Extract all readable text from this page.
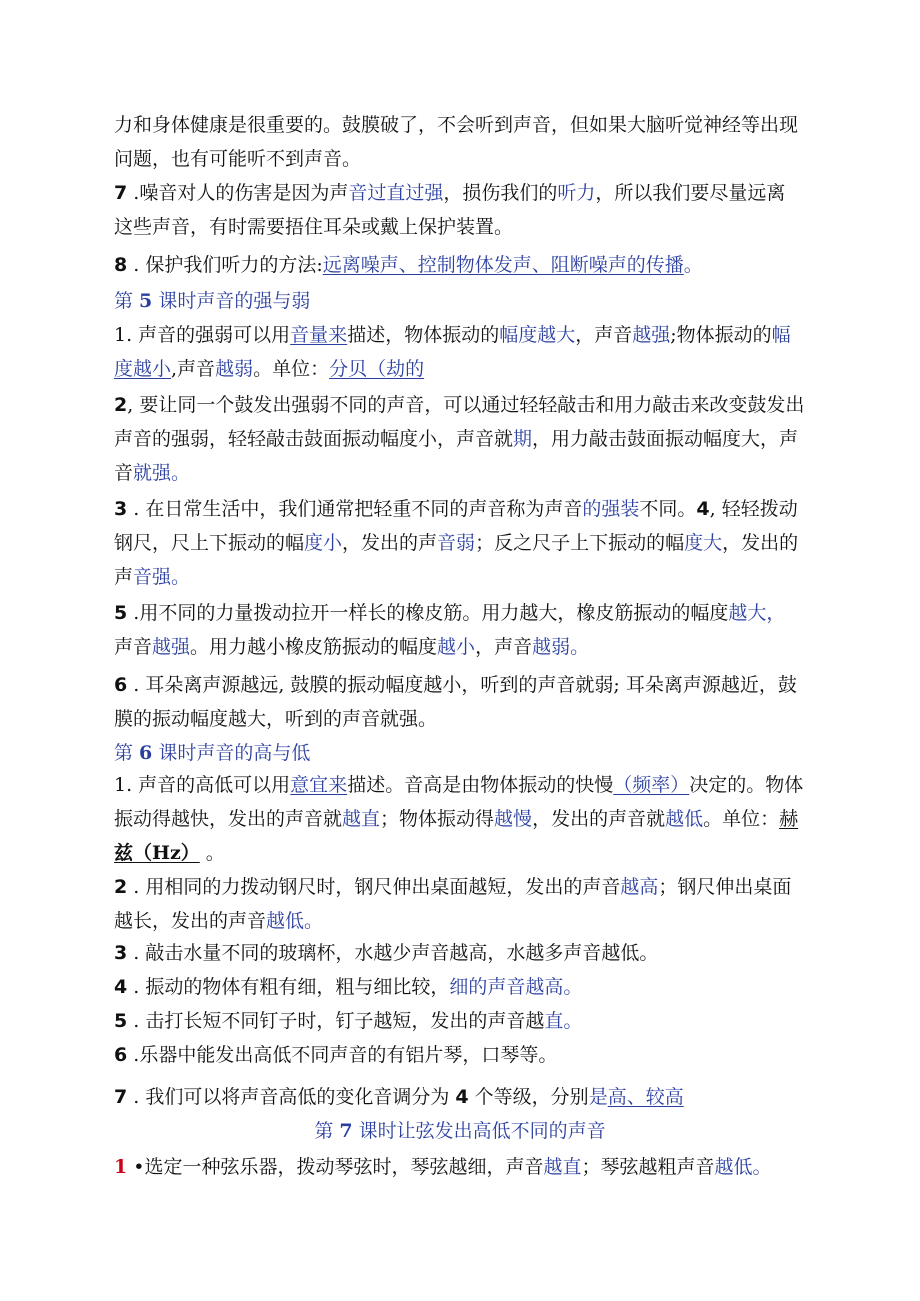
力和身体健康是很重要的。鼓膜破了，不会听到声音，但如果大脑听觉神经等出现
问题，也有可能听不到声音。

7 .噪音对人的伤害是因为声音过直过强，损伤我们的听力，所以我们要尽量远离
这些声音，有时需要捂住耳朵或戴上保护装置。

8 . 保护我们听力的方法:远离噪声、控制物体发声、阻断噪声的传播。

第 5 课时声音的强与弱

1. 声音的强弱可以用音量来描述，物体振动的幅度越大，声音越强;物体振动的幅
度越小,声音越弱。单位：分贝（劫的

2, 要让同一个鼓发出强弱不同的声音，可以通过轻轻敲击和用力敲击来改变鼓发出
声音的强弱，轻轻敲击鼓面振动幅度小，声音就期，用力敲击鼓面振动幅度大，声
音就强。

3 . 在日常生活中，我们通常把轻重不同的声音称为声音的强装不同。4, 轻轻拨动
钢尺，尺上下振动的幅度小，发出的声音弱；反之尺子上下振动的幅度大，发出的
声音强。

5 .用不同的力量拨动拉开一样长的橡皮筋。用力越大，橡皮筋振动的幅度越大，
声音越强。用力越小橡皮筋振动的幅度越小，声音越弱。

6 . 耳朵离声源越远, 鼓膜的振动幅度越小，听到的声音就弱; 耳朵离声源越近，鼓
膜的振动幅度越大，听到的声音就强。

第 6 课时声音的高与低

1. 声音的高低可以用意宜来描述。音高是由物体振动的快慢（频率）决定的。物体
振动得越快，发出的声音就越直；物体振动得越慢，发出的声音就越低。单位：赫
兹（Hz） 。

2 . 用相同的力拨动钢尺时，钢尺伸出桌面越短，发出的声音越高；钢尺伸出桌面
越长，发出的声音越低。

3 . 敲击水量不同的玻璃杯，水越少声音越高，水越多声音越低。

4 . 振动的物体有粗有细，粗与细比较，细的声音越高。

5 . 击打长短不同钉子时，钉子越短，发出的声音越直。

6 .乐器中能发出高低不同声音的有铝片琴，口琴等。

7 . 我们可以将声音高低的变化音调分为 4 个等级，分别是高、较高

第 7 课时让弦发出高低不同的声音

1 •选定一种弦乐器，拨动琴弦时，琴弦越细，声音越直；琴弦越粗声音越低。
